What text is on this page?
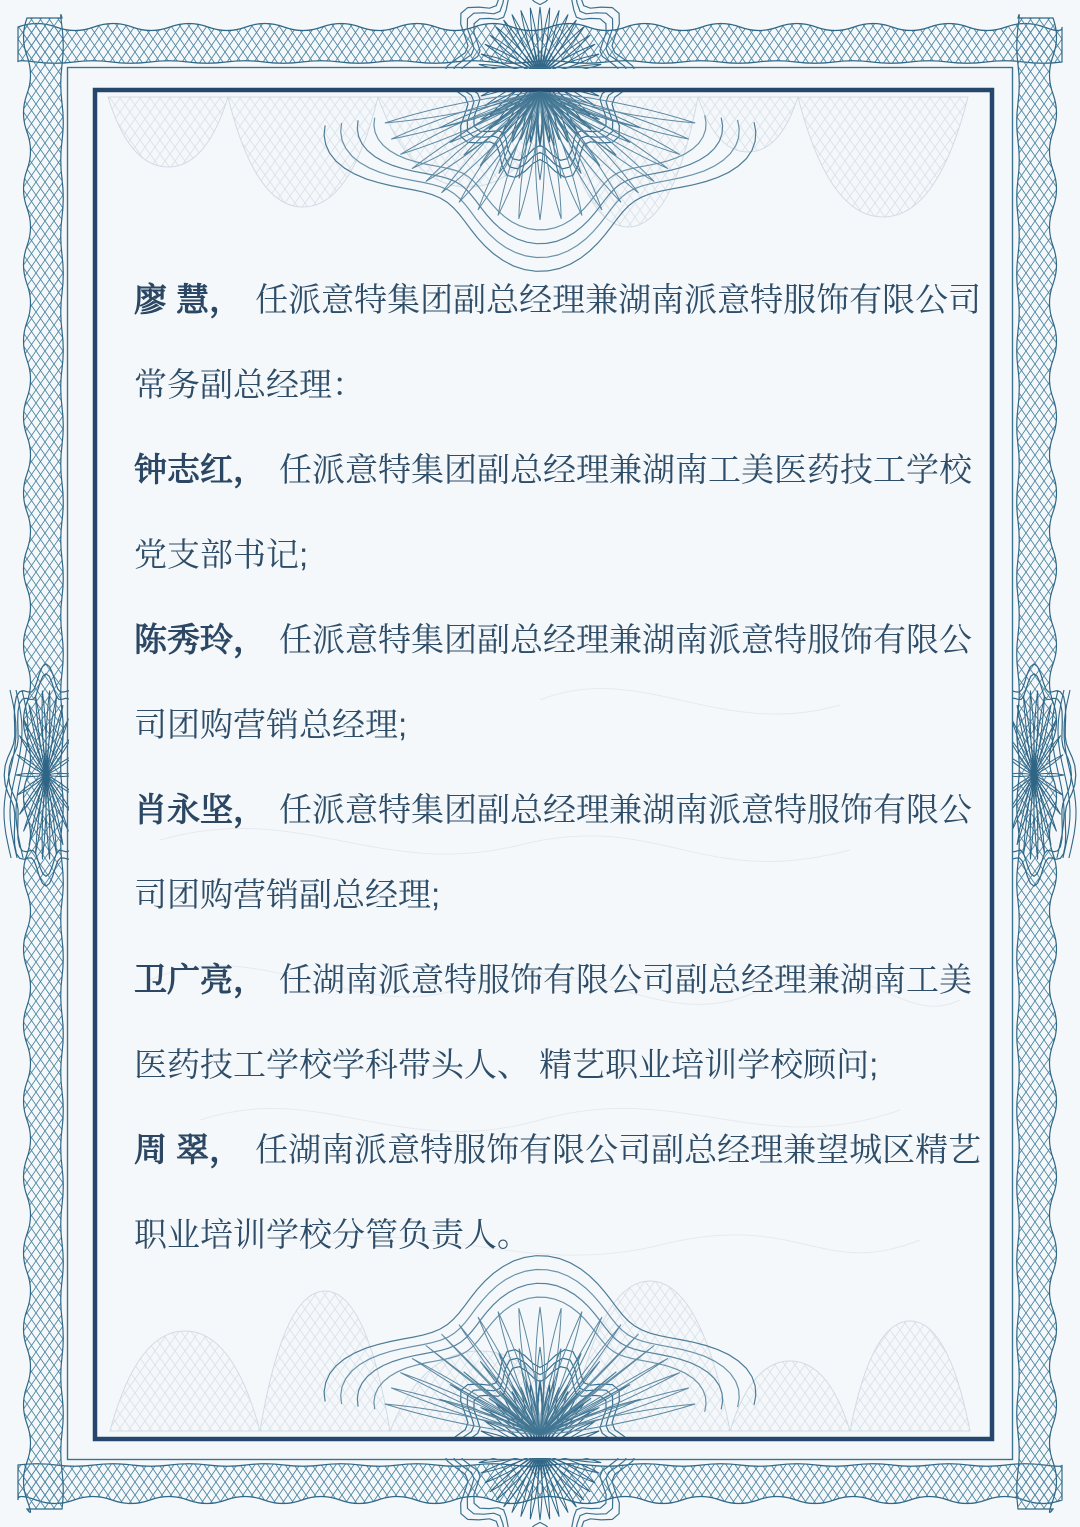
廖 慧， 任派意特集团副总经理兼湖南派意特服饰有限公司常务副总经理：

钟志红， 任派意特集团副总经理兼湖南工美医药技工学校党支部书记;

陈秀玲， 任派意特集团副总经理兼湖南派意特服饰有限公司团购营销总经理;

肖永坚， 任派意特集团副总经理兼湖南派意特服饰有限公司团购营销副总经理;

卫广亮， 任湖南派意特服饰有限公司副总经理兼湖南工美医药技工学校学科带头人、 精艺职业培训学校顾问;

周 翠， 任湖南派意特服饰有限公司副总经理兼望城区精艺职业培训学校分管负责人。
